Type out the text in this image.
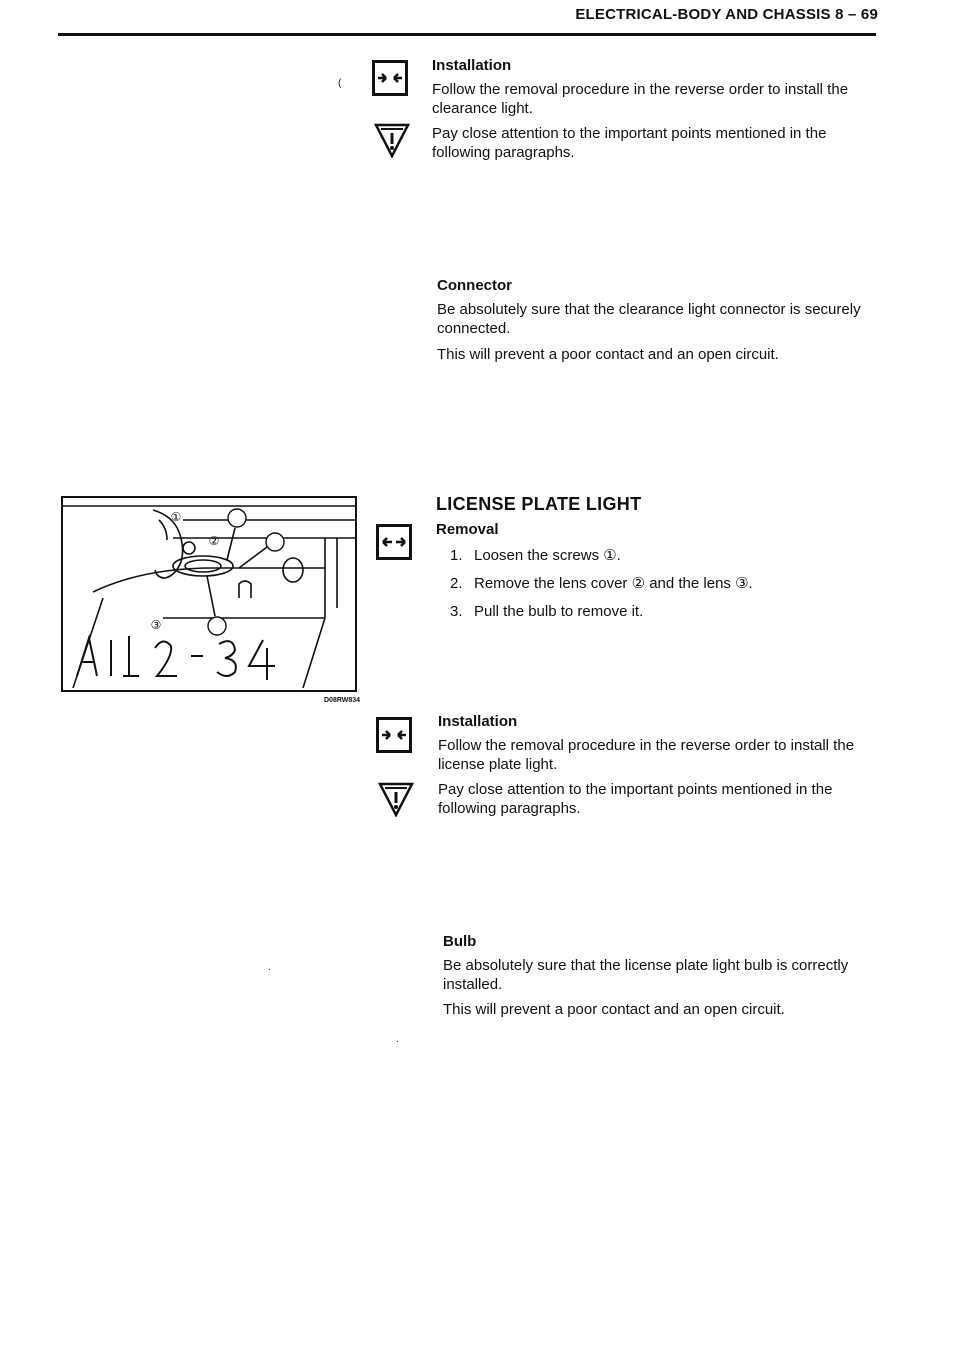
ELECTRICAL-BODY AND CHASSIS 8 – 69
Installation
Follow the removal procedure in the reverse order to install the clearance light.
Pay close attention to the important points mentioned in the following paragraphs.
(
Connector
Be absolutely sure that the clearance light connector is securely connected.
This will prevent a poor contact and an open circuit.
①
②
③
D08RW834
LICENSE PLATE LIGHT
Removal
1. Loosen the screws ①.
2. Remove the lens cover ② and the lens ③.
3. Pull the bulb to remove it.
Installation
Follow the removal procedure in the reverse order to install the license plate light.
Pay close attention to the important points mentioned in the following paragraphs.
Bulb
Be absolutely sure that the license plate light bulb is correctly installed.
This will prevent a poor contact and an open circuit.
.
.
